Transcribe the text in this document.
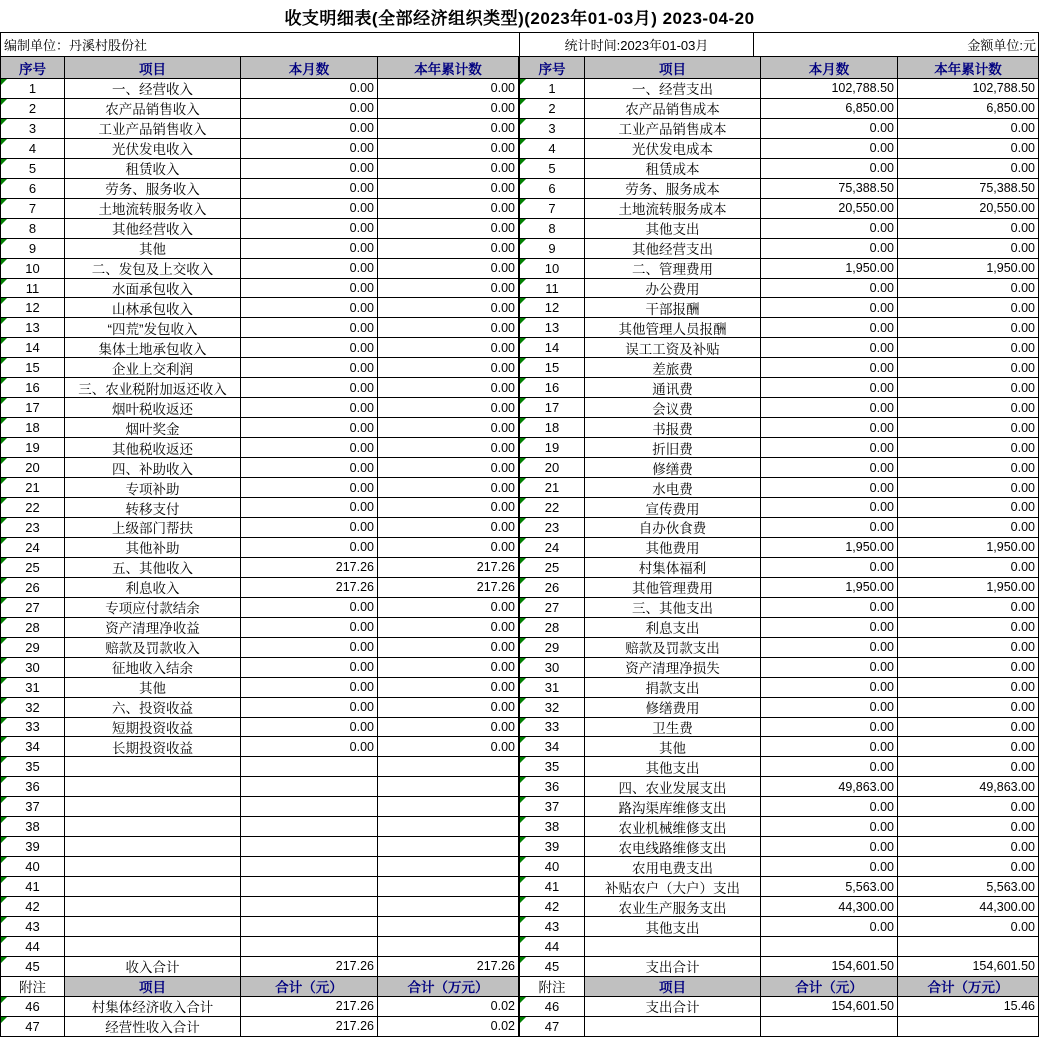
收支明细表(全部经济组织类型)(2023年01-03月) 2023-04-20
编制单位：丹溪村股份社	统计时间:2023年01-03月	金额单位:元
序号	项目	本月数	本年累计数
1	一、经营收入	0.00	0.00
2	农产品销售收入	0.00	0.00
3	工业产品销售收入	0.00	0.00
4	光伏发电收入	0.00	0.00
5	租赁收入	0.00	0.00
6	劳务、服务收入	0.00	0.00
7	土地流转服务收入	0.00	0.00
8	其他经营收入	0.00	0.00
9	其他	0.00	0.00
10	二、发包及上交收入	0.00	0.00
11	水面承包收入	0.00	0.00
12	山林承包收入	0.00	0.00
13	“四荒”发包收入	0.00	0.00
14	集体土地承包收入	0.00	0.00
15	企业上交利润	0.00	0.00
16	三、农业税附加返还收入	0.00	0.00
17	烟叶税收返还	0.00	0.00
18	烟叶奖金	0.00	0.00
19	其他税收返还	0.00	0.00
20	四、补助收入	0.00	0.00
21	专项补助	0.00	0.00
22	转移支付	0.00	0.00
23	上级部门帮扶	0.00	0.00
24	其他补助	0.00	0.00
25	五、其他收入	217.26	217.26
26	利息收入	217.26	217.26
27	专项应付款结余	0.00	0.00
28	资产清理净收益	0.00	0.00
29	赔款及罚款收入	0.00	0.00
30	征地收入结余	0.00	0.00
31	其他	0.00	0.00
32	六、投资收益	0.00	0.00
33	短期投资收益	0.00	0.00
34	长期投资收益	0.00	0.00
35
36
37
38
39
40
41
42
43
44
45	收入合计	217.26	217.26
附注	项目	合计（元）	合计（万元）
46	村集体经济收入合计	217.26	0.02
47	经营性收入合计	217.26	0.02
序号	项目	本月数	本年累计数
1	一、经营支出	102,788.50	102,788.50
2	农产品销售成本	6,850.00	6,850.00
3	工业产品销售成本	0.00	0.00
4	光伏发电成本	0.00	0.00
5	租赁成本	0.00	0.00
6	劳务、服务成本	75,388.50	75,388.50
7	土地流转服务成本	20,550.00	20,550.00
8	其他支出	0.00	0.00
9	其他经营支出	0.00	0.00
10	二、管理费用	1,950.00	1,950.00
11	办公费用	0.00	0.00
12	干部报酬	0.00	0.00
13	其他管理人员报酬	0.00	0.00
14	误工工资及补贴	0.00	0.00
15	差旅费	0.00	0.00
16	通讯费	0.00	0.00
17	会议费	0.00	0.00
18	书报费	0.00	0.00
19	折旧费	0.00	0.00
20	修缮费	0.00	0.00
21	水电费	0.00	0.00
22	宣传费用	0.00	0.00
23	自办伙食费	0.00	0.00
24	其他费用	1,950.00	1,950.00
25	村集体福利	0.00	0.00
26	其他管理费用	1,950.00	1,950.00
27	三、其他支出	0.00	0.00
28	利息支出	0.00	0.00
29	赔款及罚款支出	0.00	0.00
30	资产清理净损失	0.00	0.00
31	捐款支出	0.00	0.00
32	修缮费用	0.00	0.00
33	卫生费	0.00	0.00
34	其他	0.00	0.00
35	其他支出	0.00	0.00
36	四、农业发展支出	49,863.00	49,863.00
37	路沟渠库维修支出	0.00	0.00
38	农业机械维修支出	0.00	0.00
39	农电线路维修支出	0.00	0.00
40	农用电费支出	0.00	0.00
41	补贴农户（大户）支出	5,563.00	5,563.00
42	农业生产服务支出	44,300.00	44,300.00
43	其他支出	0.00	0.00
44
45	支出合计	154,601.50	154,601.50
附注	项目	合计（元）	合计（万元）
46	支出合计	154,601.50	15.46
47
